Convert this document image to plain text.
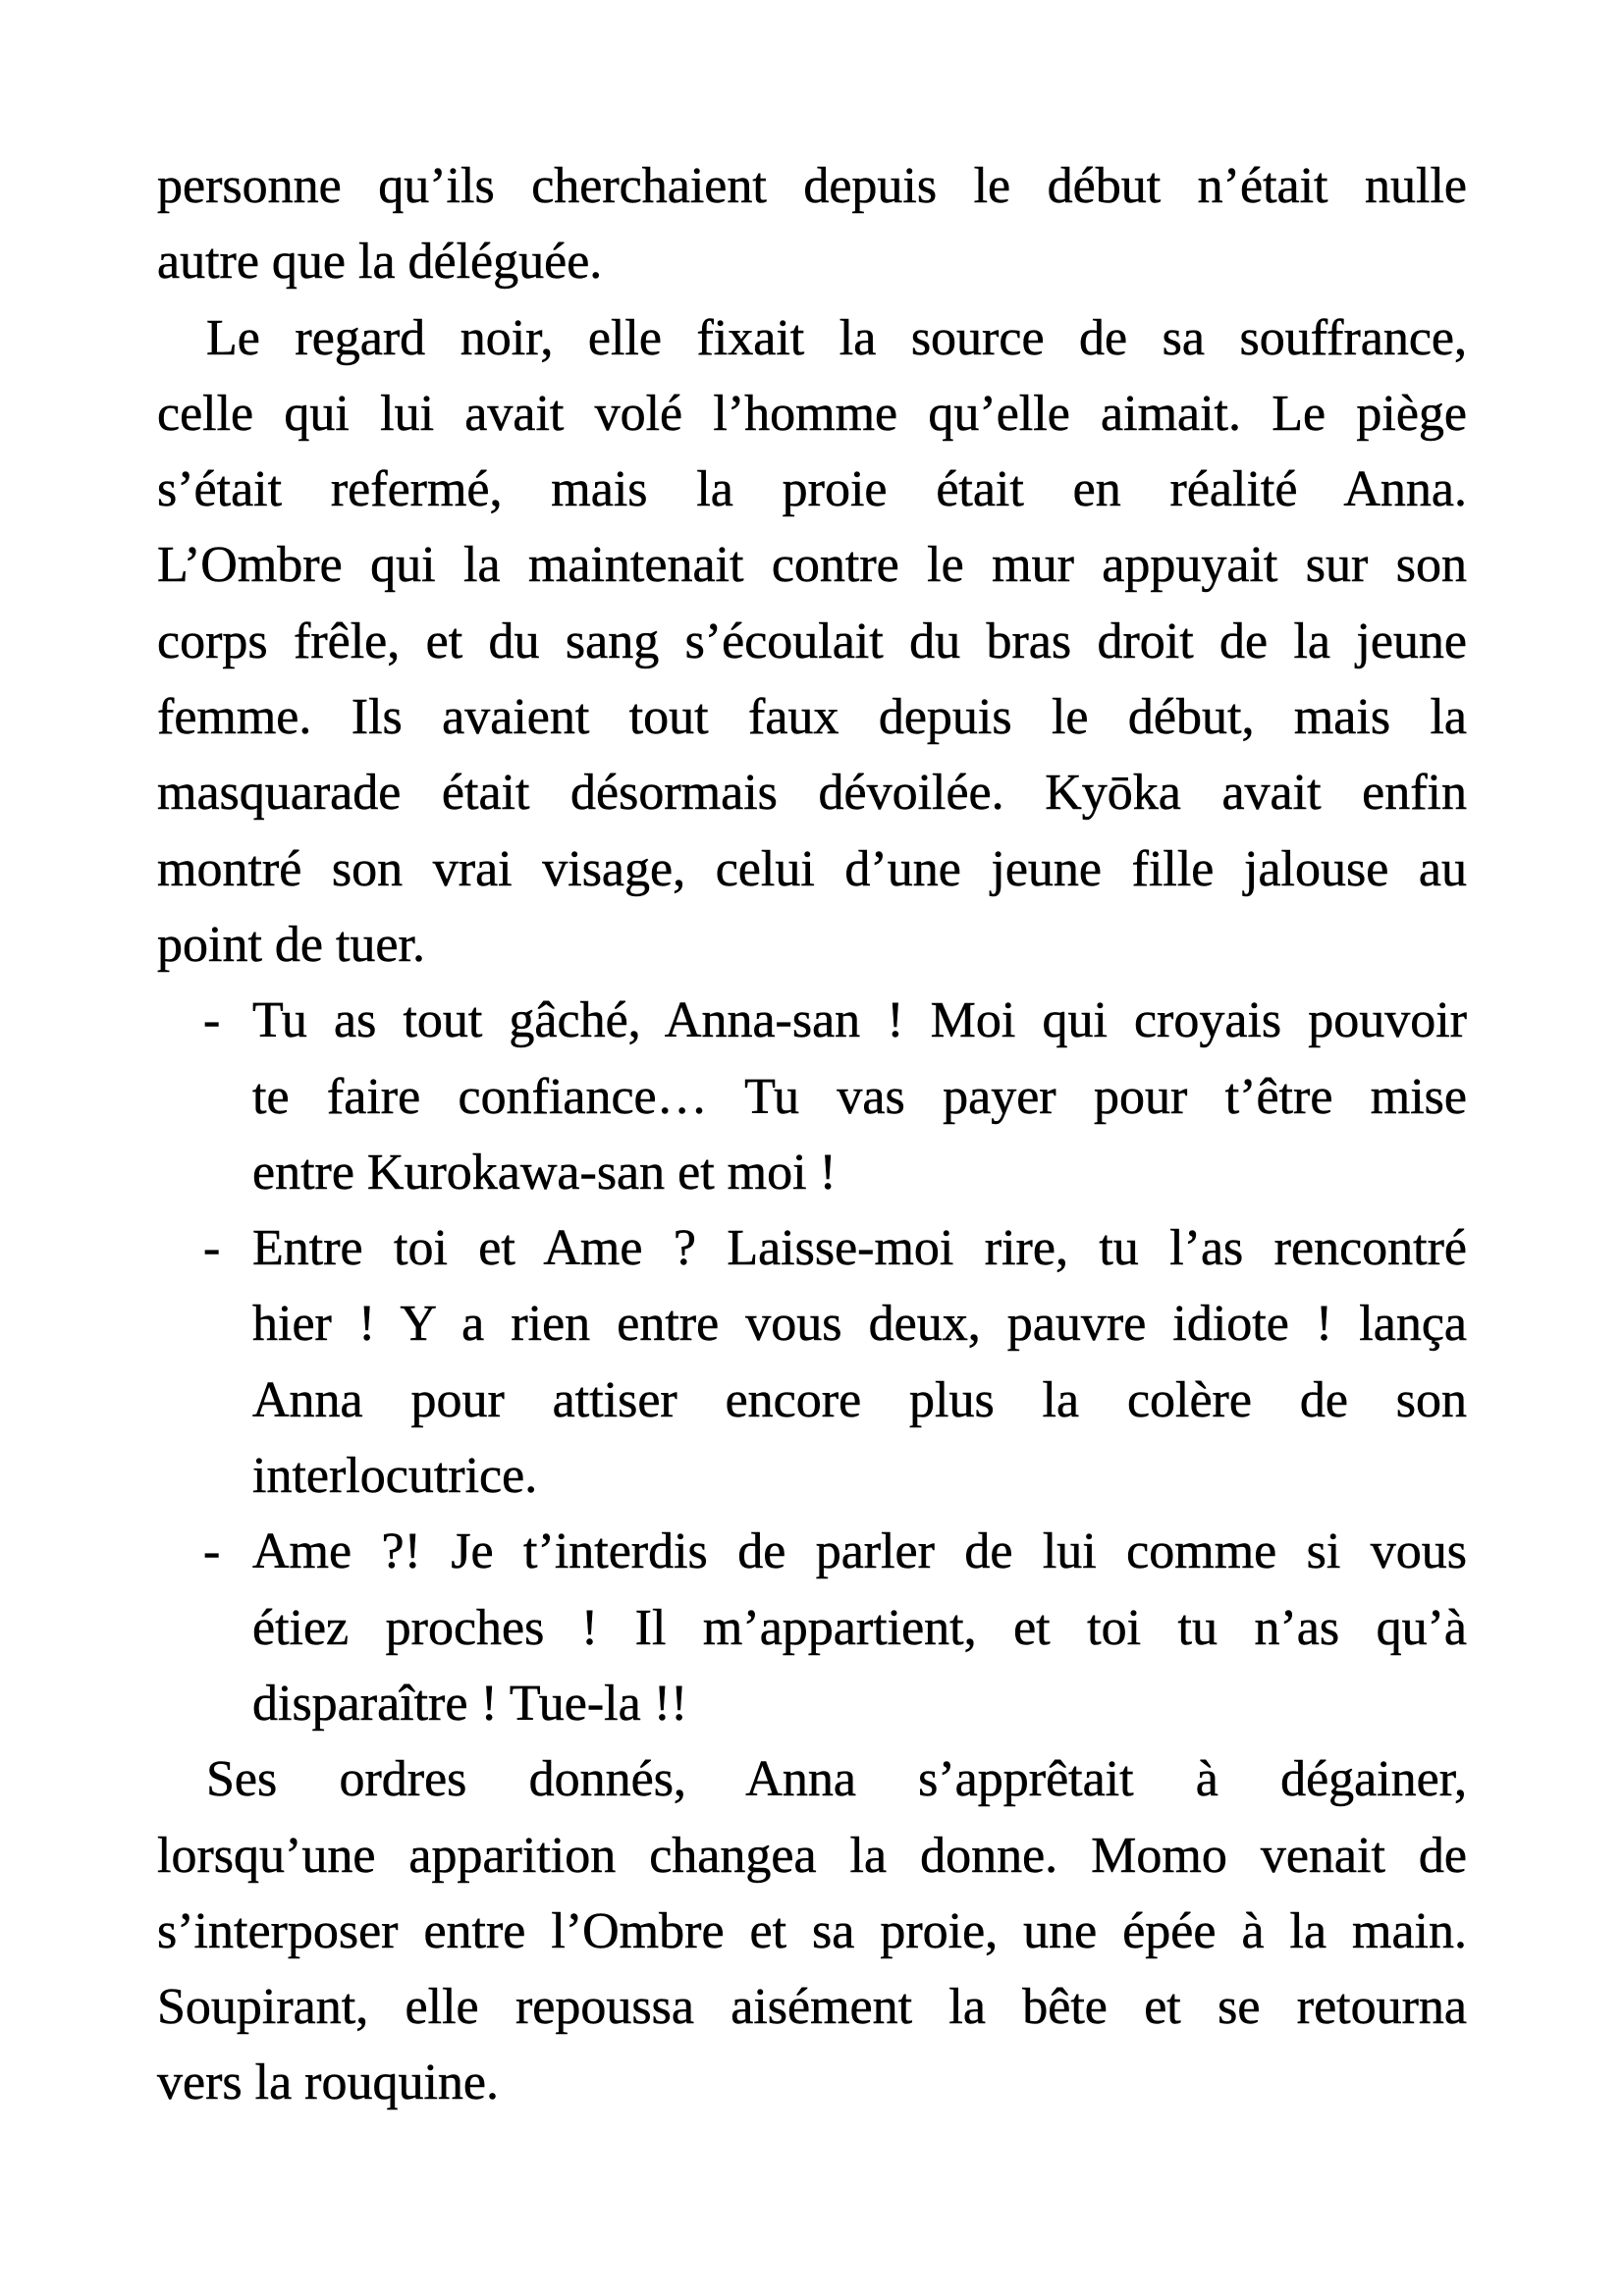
personne qu’ils cherchaient depuis le début n’était nulle
autre que la déléguée.
Le regard noir, elle fixait la source de sa souffrance,
celle qui lui avait volé l’homme qu’elle aimait. Le piège
s’était refermé, mais la proie était en réalité Anna.
L’Ombre qui la maintenait contre le mur appuyait sur son
corps frêle, et du sang s’écoulait du bras droit de la jeune
femme. Ils avaient tout faux depuis le début, mais la
masquarade était désormais dévoilée. Kyōka avait enfin
montré son vrai visage, celui d’une jeune fille jalouse au
point de tuer.
- Tu as tout gâché, Anna-san ! Moi qui croyais pouvoir
te faire confiance… Tu vas payer pour t’être mise
entre Kurokawa-san et moi !
- Entre toi et Ame ? Laisse-moi rire, tu l’as rencontré
hier ! Y a rien entre vous deux, pauvre idiote ! lança
Anna pour attiser encore plus la colère de son
interlocutrice.
- Ame ?! Je t’interdis de parler de lui comme si vous
étiez proches ! Il m’appartient, et toi tu n’as qu’à
disparaître ! Tue-la !!
Ses ordres donnés, Anna s’apprêtait à dégainer,
lorsqu’une apparition changea la donne. Momo venait de
s’interposer entre l’Ombre et sa proie, une épée à la main.
Soupirant, elle repoussa aisément la bête et se retourna
vers la rouquine.
